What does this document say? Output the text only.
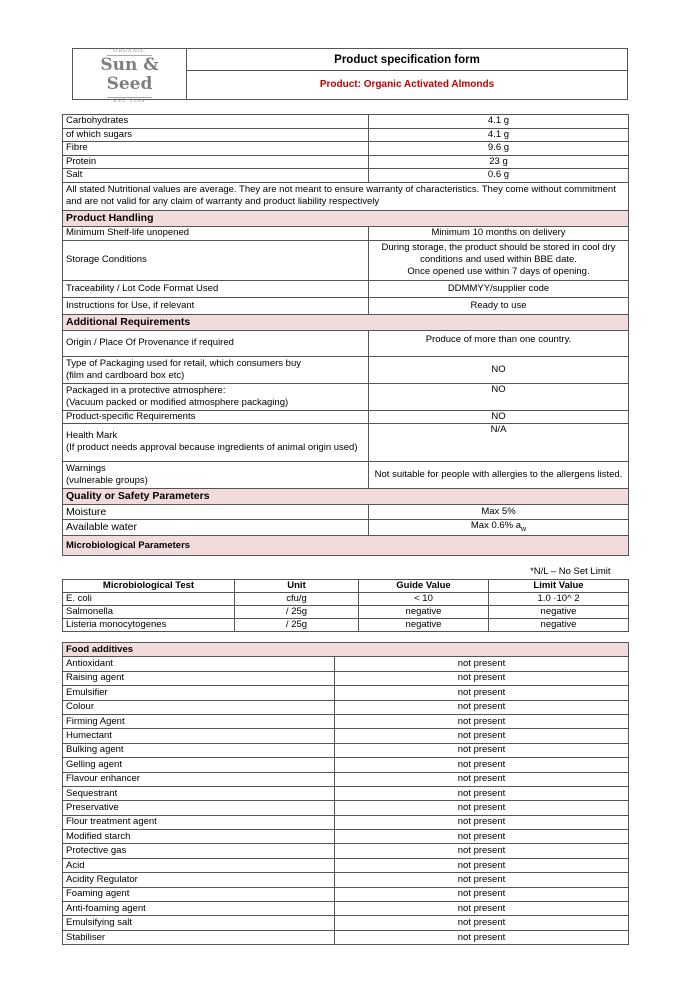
ORGANIC
Sun & Seed
EST. 2004
Product specification form
Product: Organic Activated Almonds
Carbohydrates	4.1 g
of which sugars	4.1 g
Fibre	9.6 g
Protein	23 g
Salt	0.6 g
All stated Nutritional values are average. They are not meant to ensure warranty of characteristics. They come without commitment and are not valid for any claim of warranty and product liability respectively	
Product Handling	
Minimum Shelf-life unopened	Minimum 10 months on delivery
Storage Conditions	During storage, the product should be stored in cool dry conditions and used within BBE date.
Once opened use within 7 days of opening.

Traceability / Lot Code Format Used	DDMMYY/supplier code
Instructions for Use, if relevant	Ready to use
Additional Requirements	
Origin / Place Of Provenance if required	Produce of more than one country.

Type of Packaging used for retail, which consumers buy
(film and cardboard box etc)	NO

Packaged in a protective atmosphere:
(Vacuum packed or modified atmosphere packaging)	NO
Product-specific Requirements	NO

Health Mark
(If product needs approval because ingredients of animal origin used)	N/A

Warnings
(vulnerable groups)	Not suitable for people with allergies to the allergens listed.
Quality or Safety Parameters	
Moisture	Max 5%
Available water	Max 0.6% $a_w$
Microbiological Parameters	
*N/L – No Set Limit			
Microbiological Test	Unit	Guide Value	Limit Value
E. coli	cfu/g	< 10	1.0 ·10^ 2
Salmonella	/ 25g	negative	negative
Listeria monocytogenes	/ 25g	negative	negative
Food additives	
Antioxidant	not present
Raising agent	not present
Emulsifier	not present
Colour	not present
Firming Agent	not present
Humectant	not present
Bulking agent	not present
Gelling agent	not present
Flavour enhancer	not present
Sequestrant	not present
Preservative	not present
Flour treatment agent	not present
Modified starch	not present
Protective gas	not present
Acid	not present
Acidity Regulator	not present
Foaming agent	not present
Anti-foaming agent	not present
Emulsifying salt	not present
Stabiliser	not present
